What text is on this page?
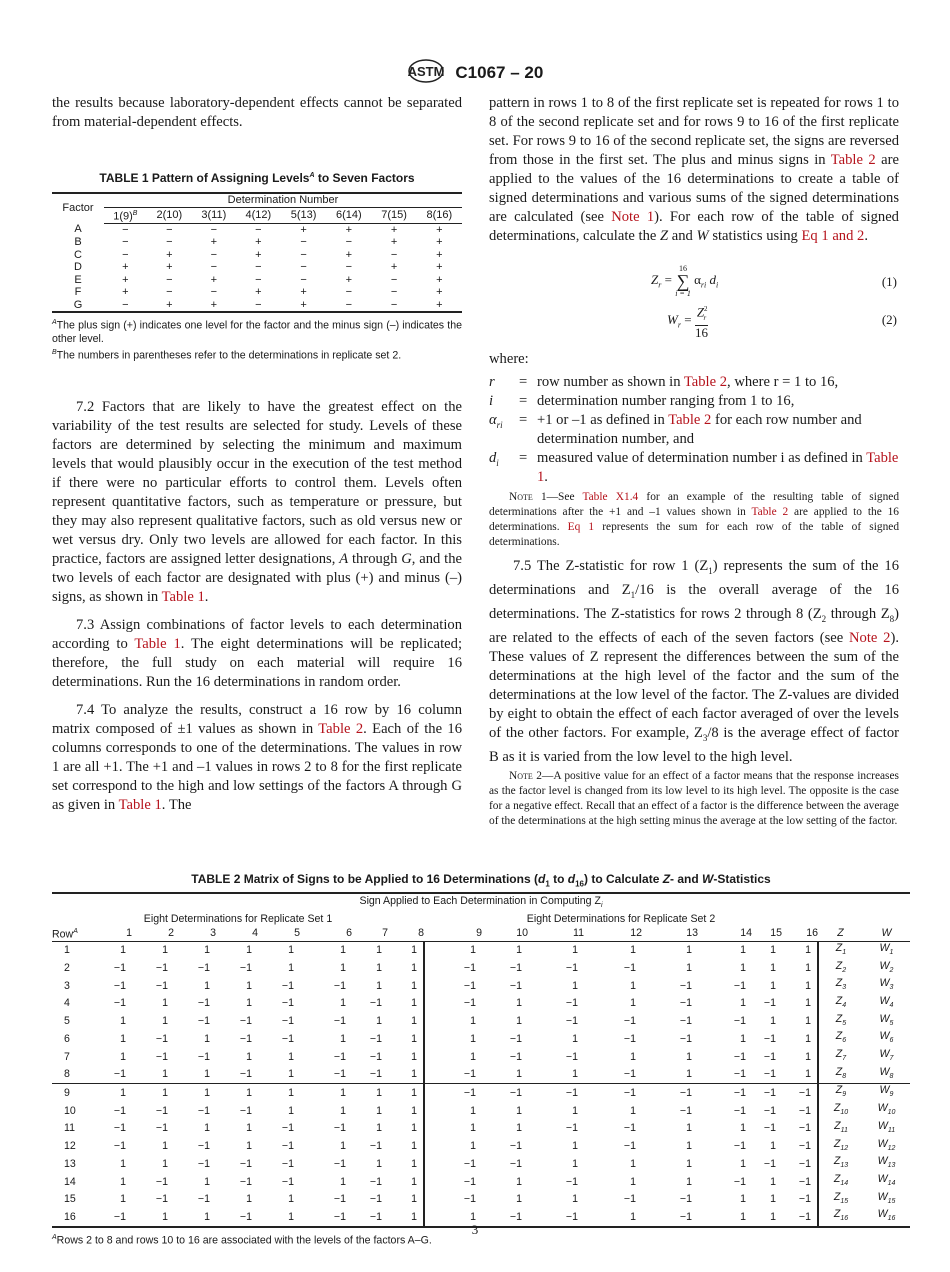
ASTM C1067 – 20

the results because laboratory-dependent effects cannot be separated from material-dependent effects.

TABLE 1 Pattern of Assigning Levels$^A$ to Seven Factors

Factor	Determination Number							
	$1(9)^B$	2(10)	3(11)	4(12)	5(13)	6(14)	7(15)	8(16)
A	−	−	−	−	+	+	+	+
B	−	−	+	+	−	−	+	+
C	−	+	−	+	−	+	−	+
D	+	+	−	−	−	−	+	+
E	+	−	+	−	−	+	−	+
F	+	−	−	+	+	−	−	+
G	−	+	+	−	+	−	−	+

$^A$The plus sign (+) indicates one level for the factor and the minus sign (–) indicates the other level.

$^B$The numbers in parentheses refer to the determinations in replicate set 2.

7.2 Factors that are likely to have the greatest effect on the variability of the test results are selected for study. Levels of these factors are determined by selecting the minimum and maximum levels that would plausibly occur in the execution of the test method if there were no particular efforts to control them. Levels often represent quantitative factors, such as temperature or pressure, but they may also represent qualitative factors, such as old versus new or wet versus dry. Only two levels are allowed for each factor. In this practice, factors are assigned letter designations, A through G, and the two levels of each factor are designated with plus (+) and minus (–) signs, as shown in Table 1.

7.3 Assign combinations of factor levels to each determination according to Table 1. The eight determinations will be replicated; therefore, the full study on each material will require 16 determinations. Run the 16 determinations in random order.

7.4 To analyze the results, construct a 16 row by 16 column matrix composed of ±1 values as shown in Table 2. Each of the 16 columns corresponds to one of the determinations. The values in row 1 are all +1. The +1 and –1 values in rows 2 to 8 for the first replicate set correspond to the high and low settings of the factors A through G as given in Table 1. The

pattern in rows 1 to 8 of the first replicate set is repeated for rows 1 to 8 of the second replicate set and for rows 9 to 16 of the first replicate set. For rows 9 to 16 of the second replicate set, the signs are reversed from those in the first set. The plus and minus signs in Table 2 are applied to the values of the 16 determinations to create a table of signed determinations and various sums of the signed determinations are calculated (see Note 1). For each row of the table of signed determinations, calculate the Z and W statistics using Eq 1 and 2.

$Z_r$ =
16
∑
i = 1
$\alpha_{ri}$ $d_i$	(1)
$W_r = \frac{Z^2_r}{16}$	(2)

where:

r	= row number as shown in Table 2, where r = 1 to 16,
i	= determination number ranging from 1 to 16,
$\alpha_{ri}$	= +1 or –1 as defined in Table 2 for each row number and determination number, and
$d_i$	= measured value of determination number i as defined in Table 1.

Note 1—See Table X1.4 for an example of the resulting table of signed determinations after the +1 and –1 values shown in Table 2 are applied to the 16 determinations. Eq 1 represents the sum for each row of the table of signed determinations.

7.5 The Z-statistic for row 1 $(Z_1)$ represents the sum of the 16 determinations and $Z_1/16$ is the overall average of the 16 determinations. The Z-statistics for rows 2 through 8 ($Z_2$ through $Z_8$) are related to the effects of each of the seven factors (see Note 2). These values of Z represent the differences between the sum of the determinations at the high level of the factor and the sum of the determinations at the low level of the factor. The Z-values are divided by eight to obtain the effect of each factor averaged of over the levels of the other factors. For example, $Z_3/8$ is the average effect of factor B as it is varied from the low level to the high level.

Note 2—A positive value for an effect of a factor means that the response increases as the factor level is changed from its low level to its high level. The opposite is the case for a negative effect. Recall that an effect of a factor is the difference between the average of the determinations at the high setting minus the average at the low setting of the factor.

TABLE 2 Matrix of Signs to be Applied to 16 Determinations ($d_1$ to $d_{16}$) to Calculate Z- and W-Statistics

Sign Applied to Each Determination in Computing $Z_i$
Eight Determinations for Replicate Set 1									Eight Determinations for Replicate Set 2									
Row$^A$	1	2	3	4	5	6	7	8	9	10	11	12	13	14	15	16	Z	W
1	1	1	1	1	1	1	1	1	1	1	1	1	1	1	1	1	$Z_1$	$W_1$
2	−1	−1	−1	−1	1	1	1	1	−1	−1	−1	−1	1	1	1	1	$Z_2$	$W_2$
3	−1	−1	1	1	−1	−1	1	1	−1	−1	1	1	−1	−1	1	1	$Z_3$	$W_3$
4	−1	1	−1	1	−1	1	−1	1	−1	1	−1	1	−1	1	−1	1	$Z_4$	$W_4$
5	1	1	−1	−1	−1	−1	1	1	1	1	−1	−1	−1	−1	1	1	$Z_5$	$W_5$
6	1	−1	1	−1	−1	1	−1	1	1	−1	1	−1	−1	1	−1	1	$Z_6$	$W_6$
7	1	−1	−1	1	1	−1	−1	1	1	−1	−1	1	1	−1	−1	1	$Z_7$	$W_7$
8	−1	1	1	−1	1	−1	−1	1	−1	1	1	−1	1	−1	−1	1	$Z_8$	$W_8$
9	1	1	1	1	1	1	1	1	−1	−1	−1	−1	−1	−1	−1	−1	$Z_9$	$W_9$
10	−1	−1	−1	−1	1	1	1	1	1	1	1	1	−1	−1	−1	−1	$Z_{10}$	$W_{10}$
11	−1	−1	1	1	−1	−1	1	1	1	1	−1	−1	1	1	−1	−1	$Z_{11}$	$W_{11}$
12	−1	1	−1	1	−1	1	−1	1	1	−1	1	−1	1	−1	1	−1	$Z_{12}$	$W_{12}$
13	1	1	−1	−1	−1	−1	1	1	−1	−1	1	1	1	1	−1	−1	$Z_{13}$	$W_{13}$
14	1	−1	1	−1	−1	1	−1	1	−1	1	−1	1	1	−1	1	−1	$Z_{14}$	$W_{14}$
15	1	−1	−1	1	1	−1	−1	1	−1	1	1	−1	−1	1	1	−1	$Z_{15}$	$W_{15}$
16	−1	1	1	−1	1	−1	−1	1	1	−1	−1	1	−1	1	1	−1	$Z_{16}$	$W_{16}$

$^A$Rows 2 to 8 and rows 10 to 16 are associated with the levels of the factors A–G.

3
